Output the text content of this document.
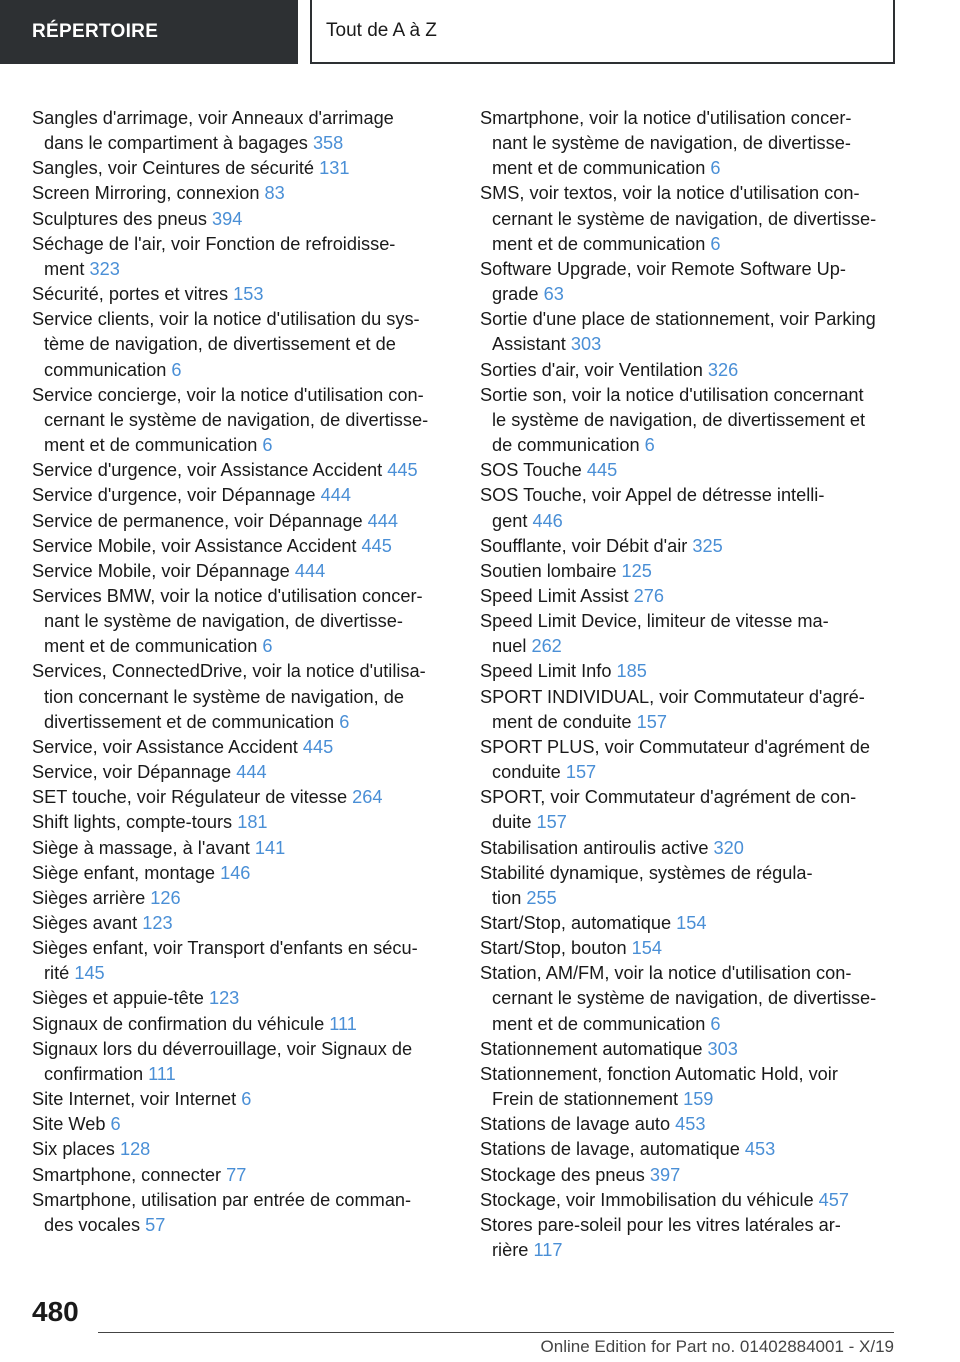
RÉPERTOIRE	Tout de A à Z
Sangles d'arrimage, voir Anneaux d'arrimage
dans le compartiment à bagages 358
Sangles, voir Ceintures de sécurité 131
Screen Mirroring, connexion 83
Sculptures des pneus 394
Séchage de l'air, voir Fonction de refroidisse-
ment 323
Sécurité, portes et vitres 153
Service clients, voir la notice d'utilisation du sys-
tème de navigation, de divertissement et de
communication 6
Service concierge, voir la notice d'utilisation con-
cernant le système de navigation, de divertisse-
ment et de communication 6
Service d'urgence, voir Assistance Accident 445
Service d'urgence, voir Dépannage 444
Service de permanence, voir Dépannage 444
Service Mobile, voir Assistance Accident 445
Service Mobile, voir Dépannage 444
Services BMW, voir la notice d'utilisation concer-
nant le système de navigation, de divertisse-
ment et de communication 6
Services, ConnectedDrive, voir la notice d'utilisa-
tion concernant le système de navigation, de
divertissement et de communication 6
Service, voir Assistance Accident 445
Service, voir Dépannage 444
SET touche, voir Régulateur de vitesse 264
Shift lights, compte-tours 181
Siège à massage, à l'avant 141
Siège enfant, montage 146
Sièges arrière 126
Sièges avant 123
Sièges enfant, voir Transport d'enfants en sécu-
rité 145
Sièges et appuie-tête 123
Signaux de confirmation du véhicule 111
Signaux lors du déverrouillage, voir Signaux de
confirmation 111
Site Internet, voir Internet 6
Site Web 6
Six places 128
Smartphone, connecter 77
Smartphone, utilisation par entrée de comman-
des vocales 57
Smartphone, voir la notice d'utilisation concer-
nant le système de navigation, de divertisse-
ment et de communication 6
SMS, voir textos, voir la notice d'utilisation con-
cernant le système de navigation, de divertisse-
ment et de communication 6
Software Upgrade, voir Remote Software Up-
grade 63
Sortie d'une place de stationnement, voir Parking
Assistant 303
Sorties d'air, voir Ventilation 326
Sortie son, voir la notice d'utilisation concernant
le système de navigation, de divertissement et
de communication 6
SOS Touche 445
SOS Touche, voir Appel de détresse intelli-
gent 446
Soufflante, voir Débit d'air 325
Soutien lombaire 125
Speed Limit Assist 276
Speed Limit Device, limiteur de vitesse ma-
nuel 262
Speed Limit Info 185
SPORT INDIVIDUAL, voir Commutateur d'agré-
ment de conduite 157
SPORT PLUS, voir Commutateur d'agrément de
conduite 157
SPORT, voir Commutateur d'agrément de con-
duite 157
Stabilisation antiroulis active 320
Stabilité dynamique, systèmes de régula-
tion 255
Start/Stop, automatique 154
Start/Stop, bouton 154
Station, AM/FM, voir la notice d'utilisation con-
cernant le système de navigation, de divertisse-
ment et de communication 6
Stationnement automatique 303
Stationnement, fonction Automatic Hold, voir
Frein de stationnement 159
Stations de lavage auto 453
Stations de lavage, automatique 453
Stockage des pneus 397
Stockage, voir Immobilisation du véhicule 457
Stores pare-soleil pour les vitres latérales ar-
rière 117
480
Online Edition for Part no. 01402884001 - X/19
